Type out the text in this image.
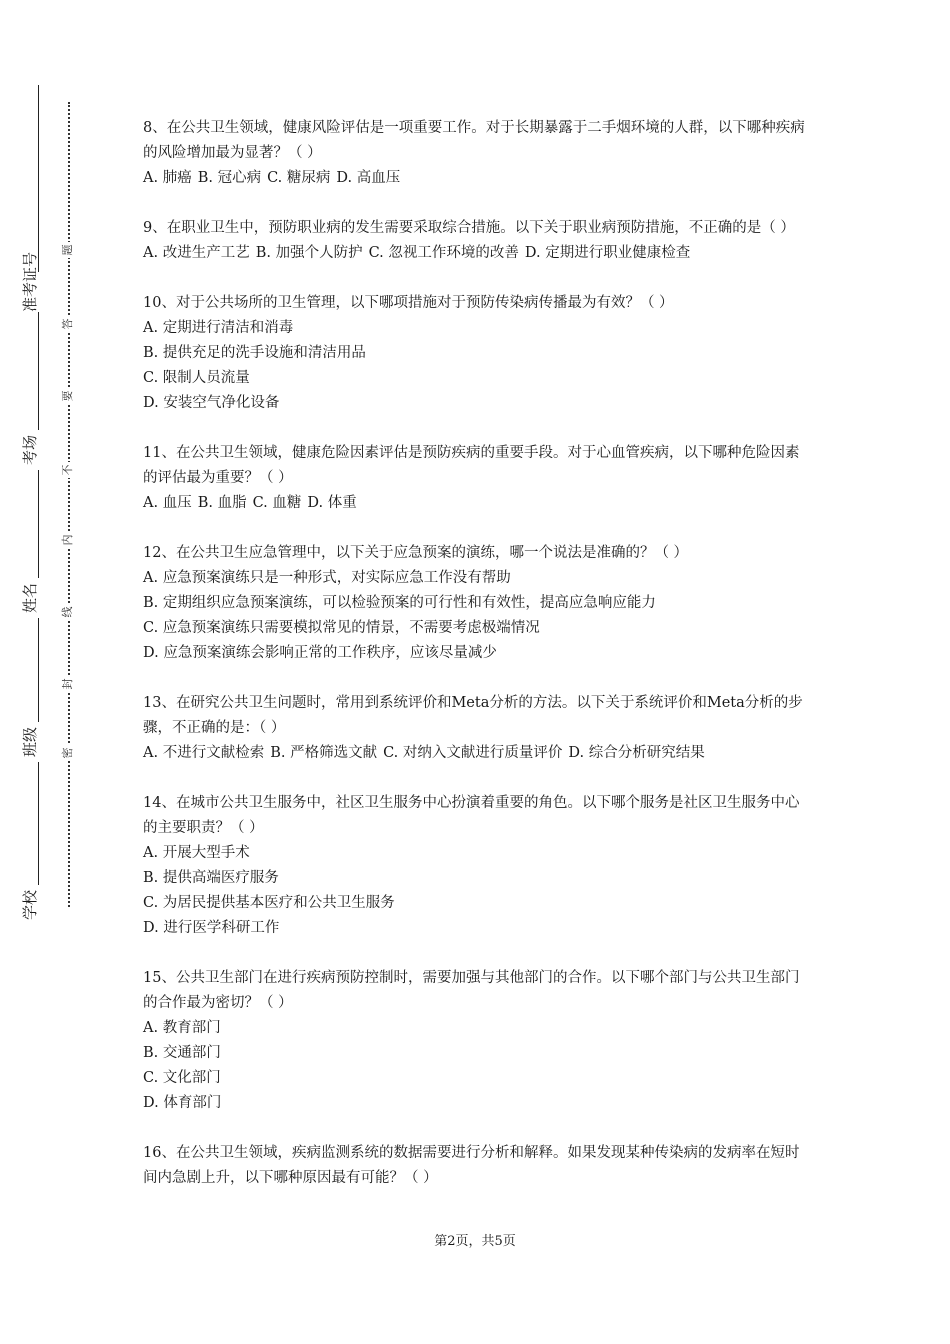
准考证号
考场
姓名
班级
学校
题
答
要
不
内
线
封
密

8、在公共卫生领域，健康风险评估是一项重要工作。对于长期暴露于二手烟环境的人群，以下哪种疾病的风险增加最为显著？（ ）

A. 肺癌 B. 冠心病 C. 糖尿病 D. 高血压

9、在职业卫生中，预防职业病的发生需要采取综合措施。以下关于职业病预防措施，不正确的是（ ）

A. 改进生产工艺 B. 加强个人防护 C. 忽视工作环境的改善 D. 定期进行职业健康检查

10、对于公共场所的卫生管理，以下哪项措施对于预防传染病传播最为有效？（ ）

A. 定期进行清洁和消毒
B. 提供充足的洗手设施和清洁用品
C. 限制人员流量
D. 安装空气净化设备

11、在公共卫生领域，健康危险因素评估是预防疾病的重要手段。对于心血管疾病，以下哪种危险因素的评估最为重要？（ ）

A. 血压 B. 血脂 C. 血糖 D. 体重

12、在公共卫生应急管理中，以下关于应急预案的演练，哪一个说法是准确的？（ ）

A. 应急预案演练只是一种形式，对实际应急工作没有帮助
B. 定期组织应急预案演练，可以检验预案的可行性和有效性，提高应急响应能力
C. 应急预案演练只需要模拟常见的情景，不需要考虑极端情况
D. 应急预案演练会影响正常的工作秩序，应该尽量减少

13、在研究公共卫生问题时，常用到系统评价和Meta分析的方法。以下关于系统评价和Meta分析的步骤，不正确的是：（ ）

A. 不进行文献检索 B. 严格筛选文献 C. 对纳入文献进行质量评价 D. 综合分析研究结果

14、在城市公共卫生服务中，社区卫生服务中心扮演着重要的角色。以下哪个服务是社区卫生服务中心的主要职责？（ ）

A. 开展大型手术
B. 提供高端医疗服务
C. 为居民提供基本医疗和公共卫生服务
D. 进行医学科研工作

15、公共卫生部门在进行疾病预防控制时，需要加强与其他部门的合作。以下哪个部门与公共卫生部门的合作最为密切？（ ）

A. 教育部门
B. 交通部门
C. 文化部门
D. 体育部门

16、在公共卫生领域，疾病监测系统的数据需要进行分析和解释。如果发现某种传染病的发病率在短时间内急剧上升，以下哪种原因最有可能？（ ）

第2页，共5页
